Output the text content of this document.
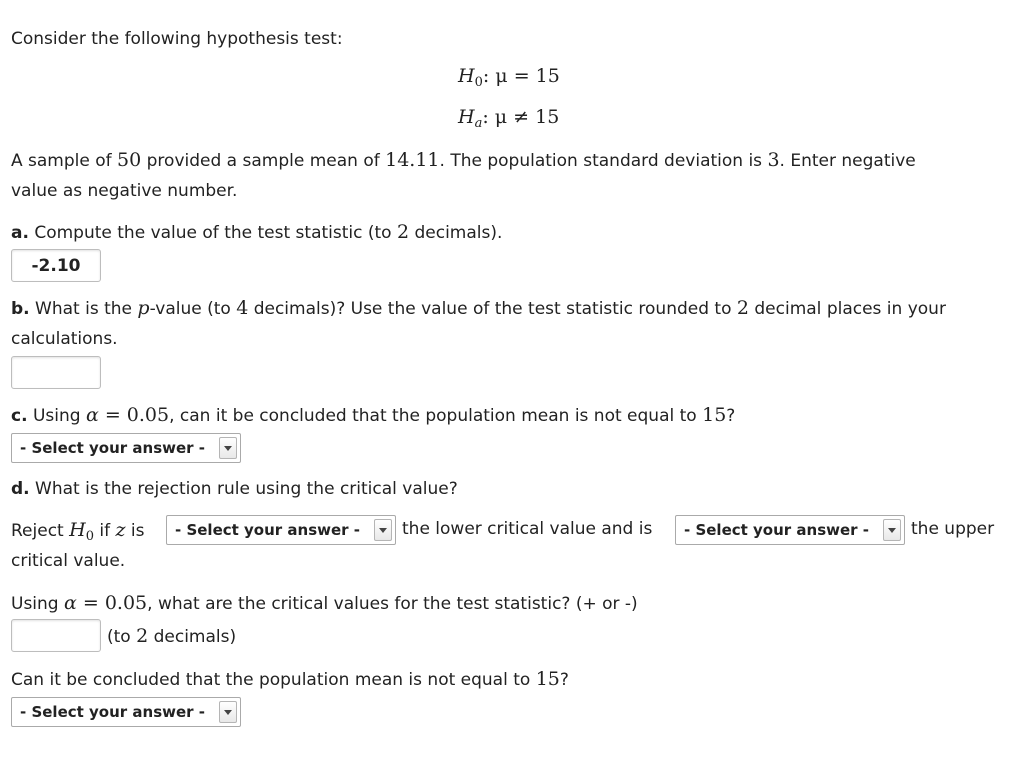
Consider the following hypothesis test:
$H_0$: μ = 15
$H_a$: μ ≠ 15
A sample of 50 provided a sample mean of 14.11. The population standard deviation is 3. Enter negative
value as negative number.
a. Compute the value of the test statistic (to 2 decimals).
-2.10
b. What is the p-value (to 4 decimals)? Use the value of the test statistic rounded to 2 decimal places in your
calculations.
c. Using α = 0.05, can it be concluded that the population mean is not equal to 15?
- Select your answer -
d. What is the rejection rule using the critical value?
Reject $H_0$ if z is	- Select your answer -	the lower critical value and is	- Select your answer -	the upper
critical value.
Using α = 0.05, what are the critical values for the test statistic? (+ or -)
(to 2 decimals)
Can it be concluded that the population mean is not equal to 15?
- Select your answer -
